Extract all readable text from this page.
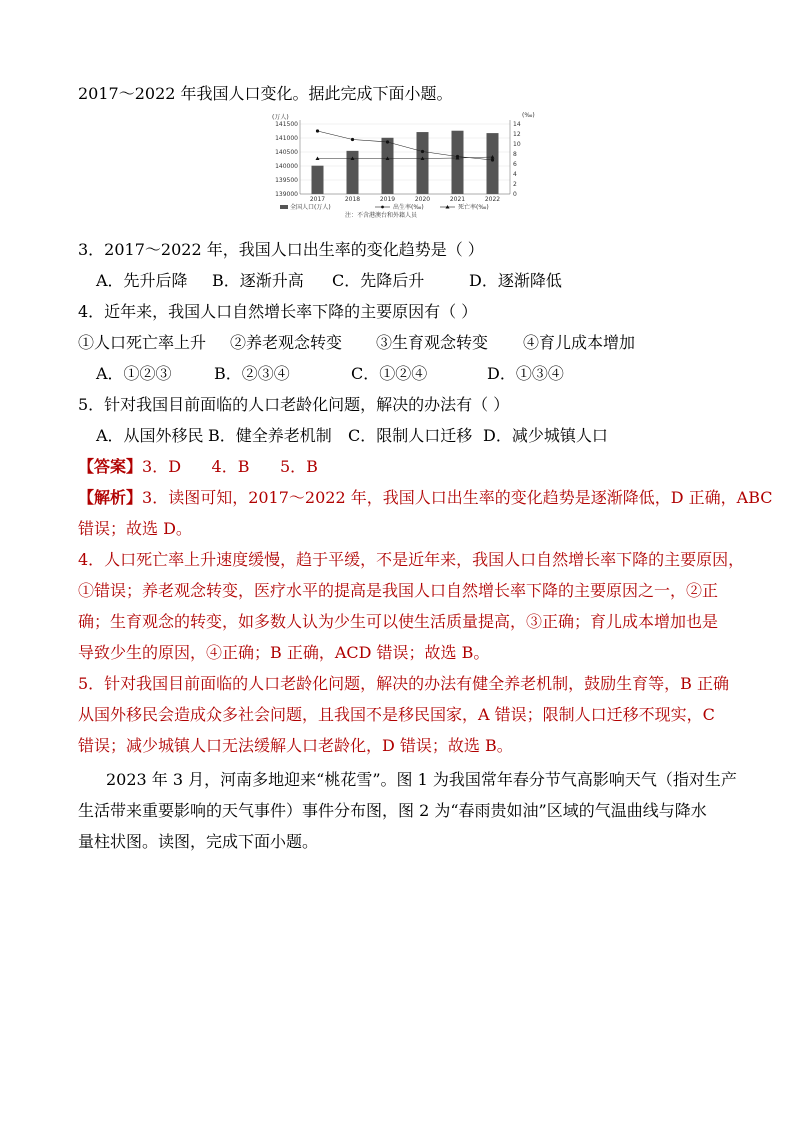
2017～2022 年我国人口变化。据此完成下面小题。
(万人)
141500
141000
140500
140000
139500
139000
14
12
10
8
6
4
2
0
(‰)
2017	2018	2019	2020	2021	2022
全国人口(万人)	出生率(‰)	死亡率(‰)
注：不含港澳台和外籍人员
3．2017～2022 年，我国人口出生率的变化趋势是（ ）
A．先升后降 B．逐渐升高 C．先降后升	D．逐渐降低
4．近年来，我国人口自然增长率下降的主要原因有（ ）
①人口死亡率上升 ②养老观念转变 ③生育观念转变 ④育儿成本增加
A．①②③	B．②③④	C．①②④	D．①③④
5．针对我国目前面临的人口老龄化问题，解决的办法有（ ）
A．从国外移民 B．健全养老机制 C．限制人口迁移 D．减少城镇人口
【答案】3．D      4．B      5．B
【解析】3．读图可知，2017～2022 年，我国人口出生率的变化趋势是逐渐降低，D 正确，ABC
错误；故选 D。
4．人口死亡率上升速度缓慢，趋于平缓，不是近年来，我国人口自然增长率下降的主要原因，
①错误；养老观念转变，医疗水平的提高是我国人口自然增长率下降的主要原因之一，②正
确；生育观念的转变，如多数人认为少生可以使生活质量提高，③正确；育儿成本增加也是
导致少生的原因，④正确；B 正确，ACD 错误；故选 B。
5．针对我国目前面临的人口老龄化问题，解决的办法有健全养老机制，鼓励生育等，B 正确
从国外移民会造成众多社会问题，且我国不是移民国家，A 错误；限制人口迁移不现实，C
错误；减少城镇人口无法缓解人口老龄化，D 错误；故选 B。
2023 年 3 月，河南多地迎来“桃花雪”。图 1 为我国常年春分节气高影响天气（指对生产
生活带来重要影响的天气事件）事件分布图，图 2 为“春雨贵如油”区域的气温曲线与降水
量柱状图。读图，完成下面小题。
